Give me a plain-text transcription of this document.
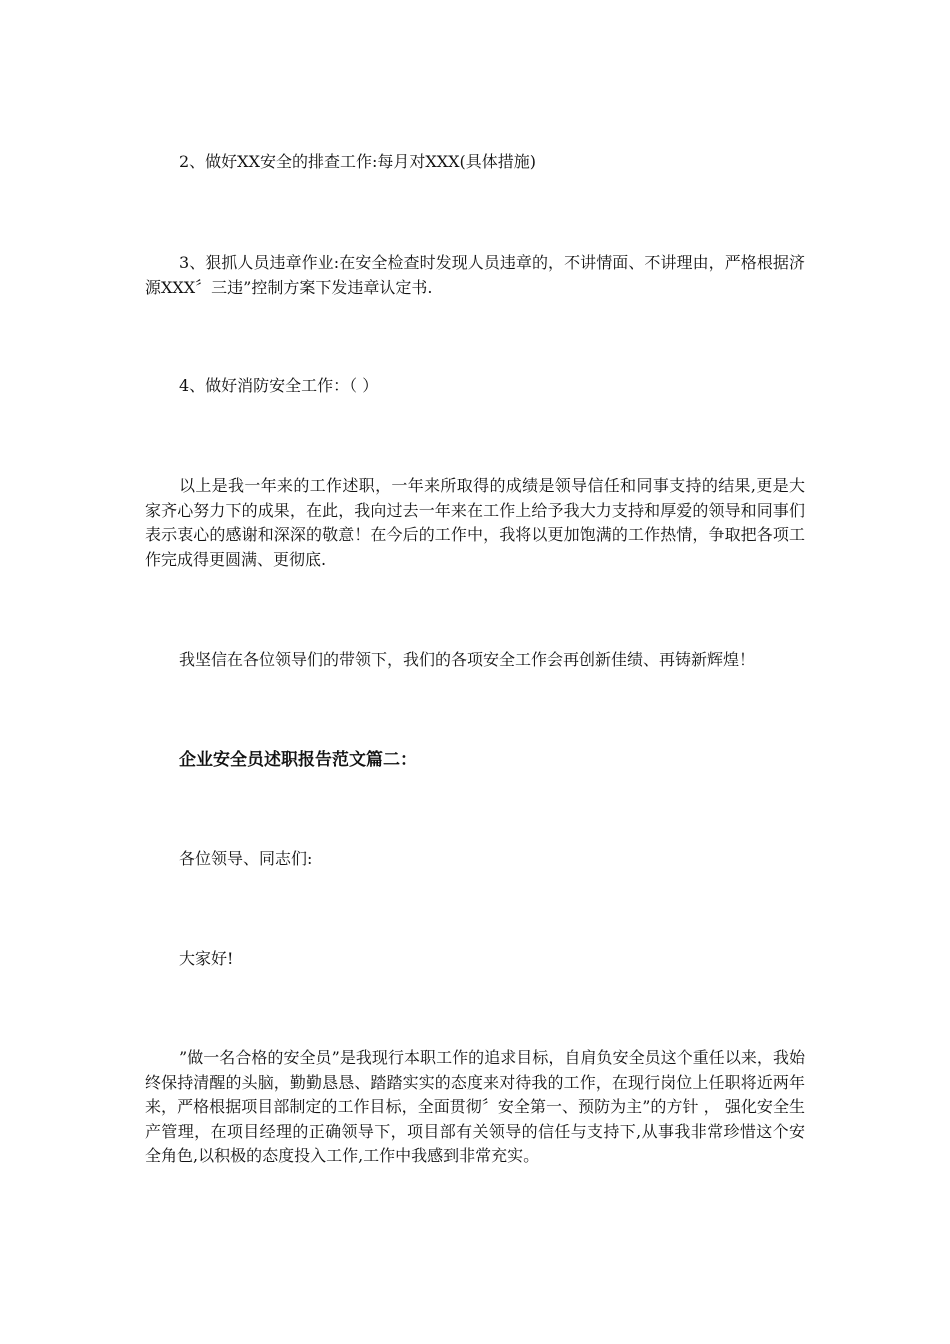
2、做好XX安全的排查工作:每月对XXX(具体措施)

3、狠抓人员违章作业:在安全检查时发现人员违章的，不讲情面、不讲理由，严格根据济源XXX〞三违”控制方案下发违章认定书.

4、做好消防安全工作：（ ）

以上是我一年来的工作述职，一年来所取得的成绩是领导信任和同事支持的结果,更是大家齐心努力下的成果，在此，我向过去一年来在工作上给予我大力支持和厚爱的领导和同事们表示衷心的感谢和深深的敬意！在今后的工作中，我将以更加饱满的工作热情，争取把各项工作完成得更圆满、更彻底.

我坚信在各位领导们的带领下，我们的各项安全工作会再创新佳绩、再铸新辉煌！

企业安全员述职报告范文篇二：

各位领导、同志们:

大家好!

”做一名合格的安全员”是我现行本职工作的追求目标，自肩负安全员这个重任以来，我始终保持清醒的头脑，勤勤恳恳、踏踏实实的态度来对待我的工作，在现行岗位上任职将近两年来，严格根据项目部制定的工作目标，全面贯彻〞安全第一、预防为主”的方针 ， 强化安全生产管理，在项目经理的正确领导下，项目部有关领导的信任与支持下,从事我非常珍惜这个安全角色,以积极的态度投入工作,工作中我感到非常充实。
